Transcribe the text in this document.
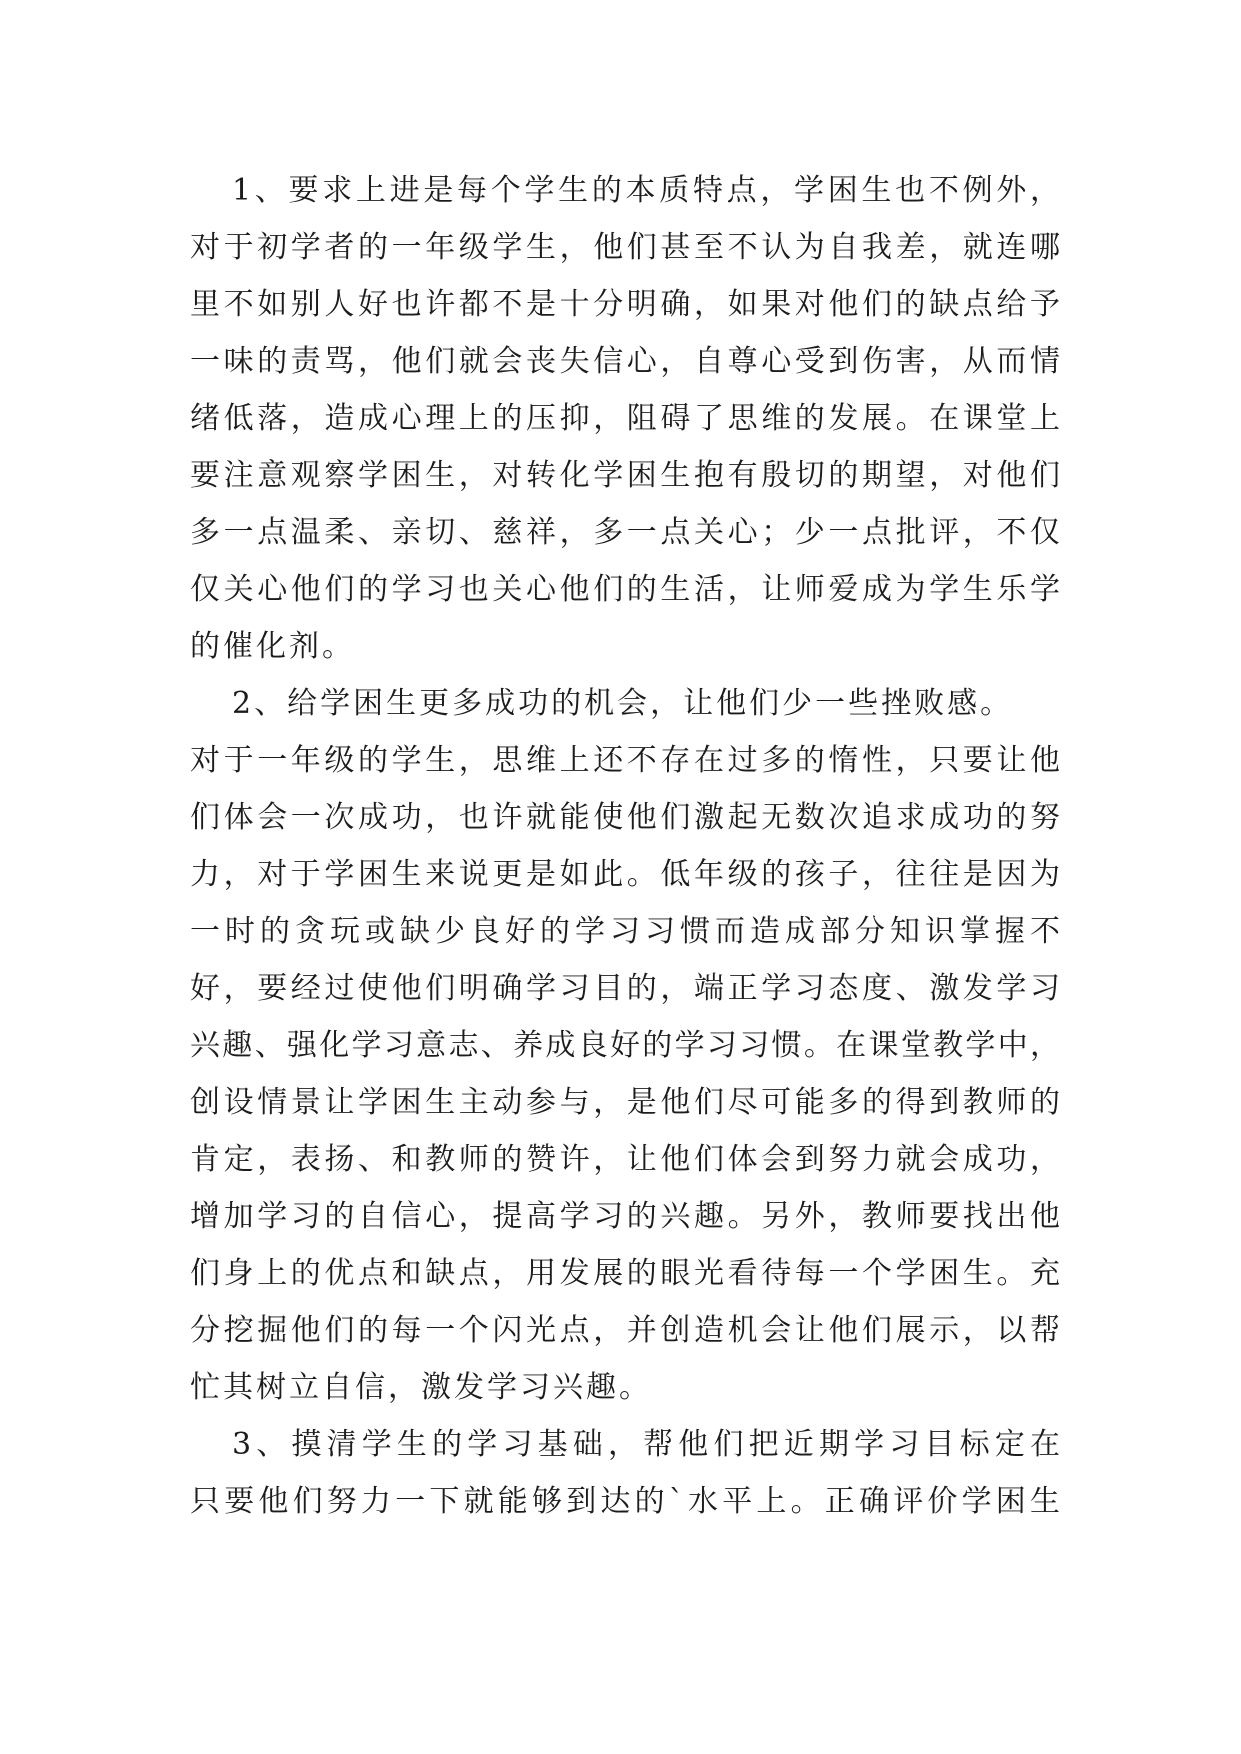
1、要求上进是每个学生的本质特点，学困生也不例外，
对于初学者的一年级学生，他们甚至不认为自我差，就连哪
里不如别人好也许都不是十分明确，如果对他们的缺点给予
一味的责骂，他们就会丧失信心，自尊心受到伤害，从而情
绪低落，造成心理上的压抑，阻碍了思维的发展。在课堂上
要注意观察学困生，对转化学困生抱有殷切的期望，对他们
多一点温柔、亲切、慈祥，多一点关心；少一点批评，不仅
仅关心他们的学习也关心他们的生活，让师爱成为学生乐学
的催化剂。
2、给学困生更多成功的机会，让他们少一些挫败感。
对于一年级的学生，思维上还不存在过多的惰性，只要让他
们体会一次成功，也许就能使他们激起无数次追求成功的努
力，对于学困生来说更是如此。低年级的孩子，往往是因为
一时的贪玩或缺少良好的学习习惯而造成部分知识掌握不
好，要经过使他们明确学习目的，端正学习态度、激发学习
兴趣、强化学习意志、养成良好的学习习惯。在课堂教学中，
创设情景让学困生主动参与，是他们尽可能多的得到教师的
肯定，表扬、和教师的赞许，让他们体会到努力就会成功，
增加学习的自信心，提高学习的兴趣。另外，教师要找出他
们身上的优点和缺点，用发展的眼光看待每一个学困生。充
分挖掘他们的每一个闪光点，并创造机会让他们展示，以帮
忙其树立自信，激发学习兴趣。
3、摸清学生的学习基础，帮他们把近期学习目标定在
只要他们努力一下就能够到达的`水平上。正确评价学困生
